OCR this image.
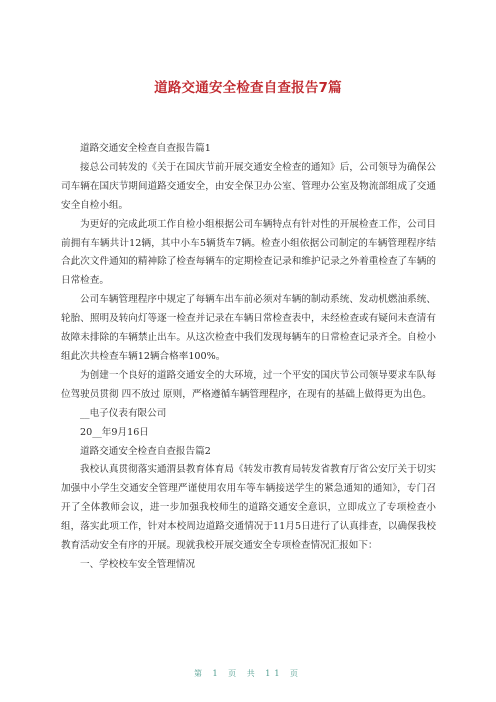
道路交通安全检查自查报告7篇

道路交通安全检查自查报告篇1

接总公司转发的《关于在国庆节前开展交通安全检查的通知》后，公司领导为确保公司车辆在国庆节期间道路交通安全，由安全保卫办公室、管理办公室及物流部组成了交通安全自检小组。

为更好的完成此项工作自检小组根据公司车辆特点有针对性的开展检查工作，公司目前拥有车辆共计12辆，其中小车5辆货车7辆。检查小组依据公司制定的车辆管理程序结合此次文件通知的精神除了检查每辆车的定期检查记录和维护记录之外着重检查了车辆的日常检查。

公司车辆管理程序中规定了每辆车出车前必须对车辆的制动系统、发动机燃油系统、轮胎、照明及转向灯等逐一检查并记录在车辆日常检查表中，未经检查或有疑问未查清有故障未排除的车辆禁止出车。从这次检查中我们发现每辆车的日常检查记录齐全。自检小组此次共检查车辆12辆合格率100%。

为创建一个良好的道路交通安全的大环境，过一个平安的国庆节公司领导要求车队每位驾驶员贯彻 四不放过 原则，严格遵循车辆管理程序，在现有的基础上做得更为出色。

__电子仪表有限公司

20__年9月16日

道路交通安全检查自查报告篇2

我校认真贯彻落实通渭县教育体育局《转发市教育局转发省教育厅省公安厅关于切实加强中小学生交通安全管理严谨使用农用车等车辆接送学生的紧急通知的通知》，专门召开了全体教师会议，进一步加强我校师生的道路交通安全意识，立即成立了专项检查小组，落实此项工作，针对本校周边道路交通情况于11月5日进行了认真排查，以确保我校教育活动安全有序的开展。现就我校开展交通安全专项检查情况汇报如下：

一、学校校车安全管理情况

第 1 页 共 11 页
